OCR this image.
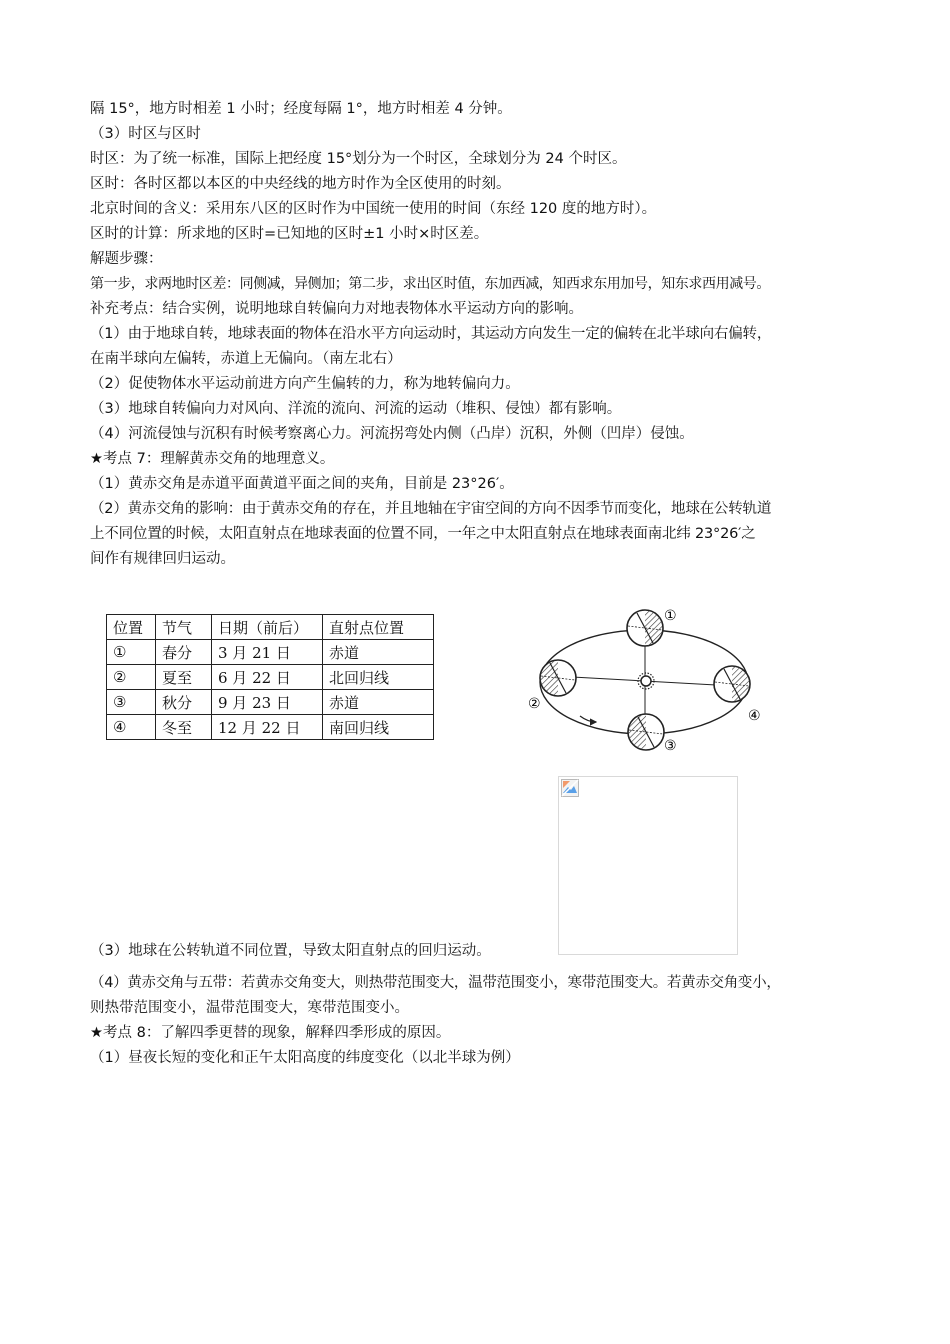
隔 15°，地方时相差 1 小时；经度每隔 1°，地方时相差 4 分钟。
（3）时区与区时
时区：为了统一标准，国际上把经度 15°划分为一个时区，全球划分为 24 个时区。
区时：各时区都以本区的中央经线的地方时作为全区使用的时刻。
北京时间的含义：采用东八区的区时作为中国统一使用的时间（东经 120 度的地方时）。
区时的计算：所求地的区时=已知地的区时±1 小时×时区差。
解题步骤：
第一步，求两地时区差：同侧减，异侧加；第二步，求出区时值，东加西减，知西求东用加号，知东求西用减号。
补充考点：结合实例，说明地球自转偏向力对地表物体水平运动方向的影响。
（1）由于地球自转，地球表面的物体在沿水平方向运动时，其运动方向发生一定的偏转在北半球向右偏转，
在南半球向左偏转，赤道上无偏向。（南左北右）
（2）促使物体水平运动前进方向产生偏转的力，称为地转偏向力。
（3）地球自转偏向力对风向、洋流的流向、河流的运动（堆积、侵蚀）都有影响。
（4）河流侵蚀与沉积有时候考察离心力。河流拐弯处内侧（凸岸）沉积，外侧（凹岸）侵蚀。
★考点 7：理解黄赤交角的地理意义。
（1）黄赤交角是赤道平面黄道平面之间的夹角，目前是 23°26′。
（2）黄赤交角的影响：由于黄赤交角的存在，并且地轴在宇宙空间的方向不因季节而变化，地球在公转轨道
上不同位置的时候，太阳直射点在地球表面的位置不同，一年之中太阳直射点在地球表面南北纬 23°26′之
间作有规律回归运动。
位置	节气	日期（前后）	直射点位置
①	春分	3 月 21 日	赤道
②	夏至	6 月 22 日	北回归线
③	秋分	9 月 23 日	赤道
④	冬至	12 月 22 日	南回归线
①
②
③
④
（3）地球在公转轨道不同位置，导致太阳直射点的回归运动。
（4）黄赤交角与五带：若黄赤交角变大，则热带范围变大，温带范围变小，寒带范围变大。若黄赤交角变小，
则热带范围变小，温带范围变大，寒带范围变小。
★考点 8：了解四季更替的现象，解释四季形成的原因。
（1）昼夜长短的变化和正午太阳高度的纬度变化（以北半球为例）
